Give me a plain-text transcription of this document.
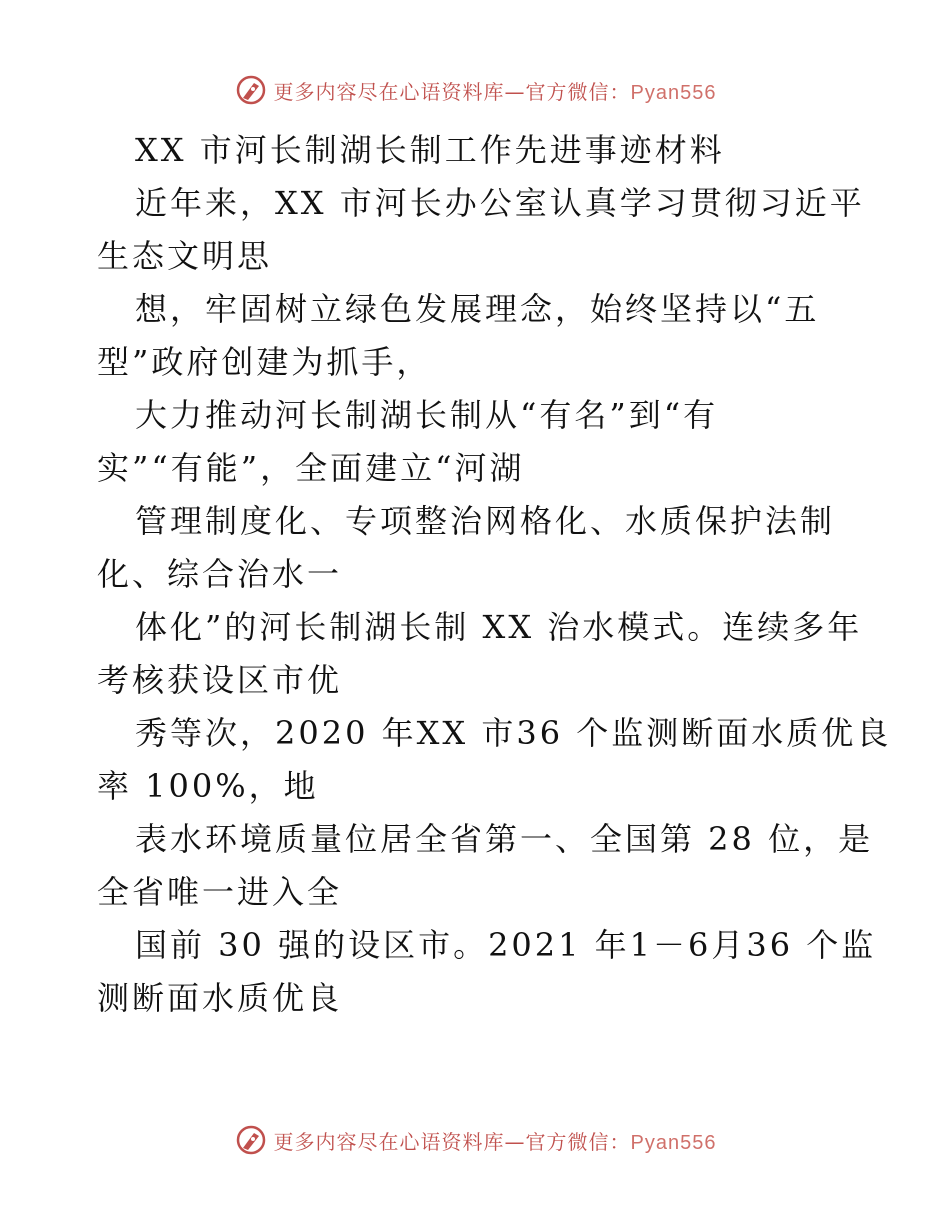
更多内容尽在心语资料库—官方微信：Pyan556
XX 市河长制湖长制工作先进事迹材料
近年来，XX 市河长办公室认真学习贯彻习近平
生态文明思
想，牢固树立绿色发展理念，始终坚持以“五
型”政府创建为抓手，
大力推动河长制湖长制从“有名”到“有
实”“有能”，全面建立“河湖
管理制度化、专项整治网格化、水质保护法制
化、综合治水一
体化”的河长制湖长制 XX 治水模式。连续多年
考核获设区市优
秀等次，2020 年XX 市36 个监测断面水质优良
率 100%，地
表水环境质量位居全省第一、全国第 28 位，是
全省唯一进入全
国前 30 强的设区市。2021 年1－6月36 个监
测断面水质优良
更多内容尽在心语资料库—官方微信：Pyan556
